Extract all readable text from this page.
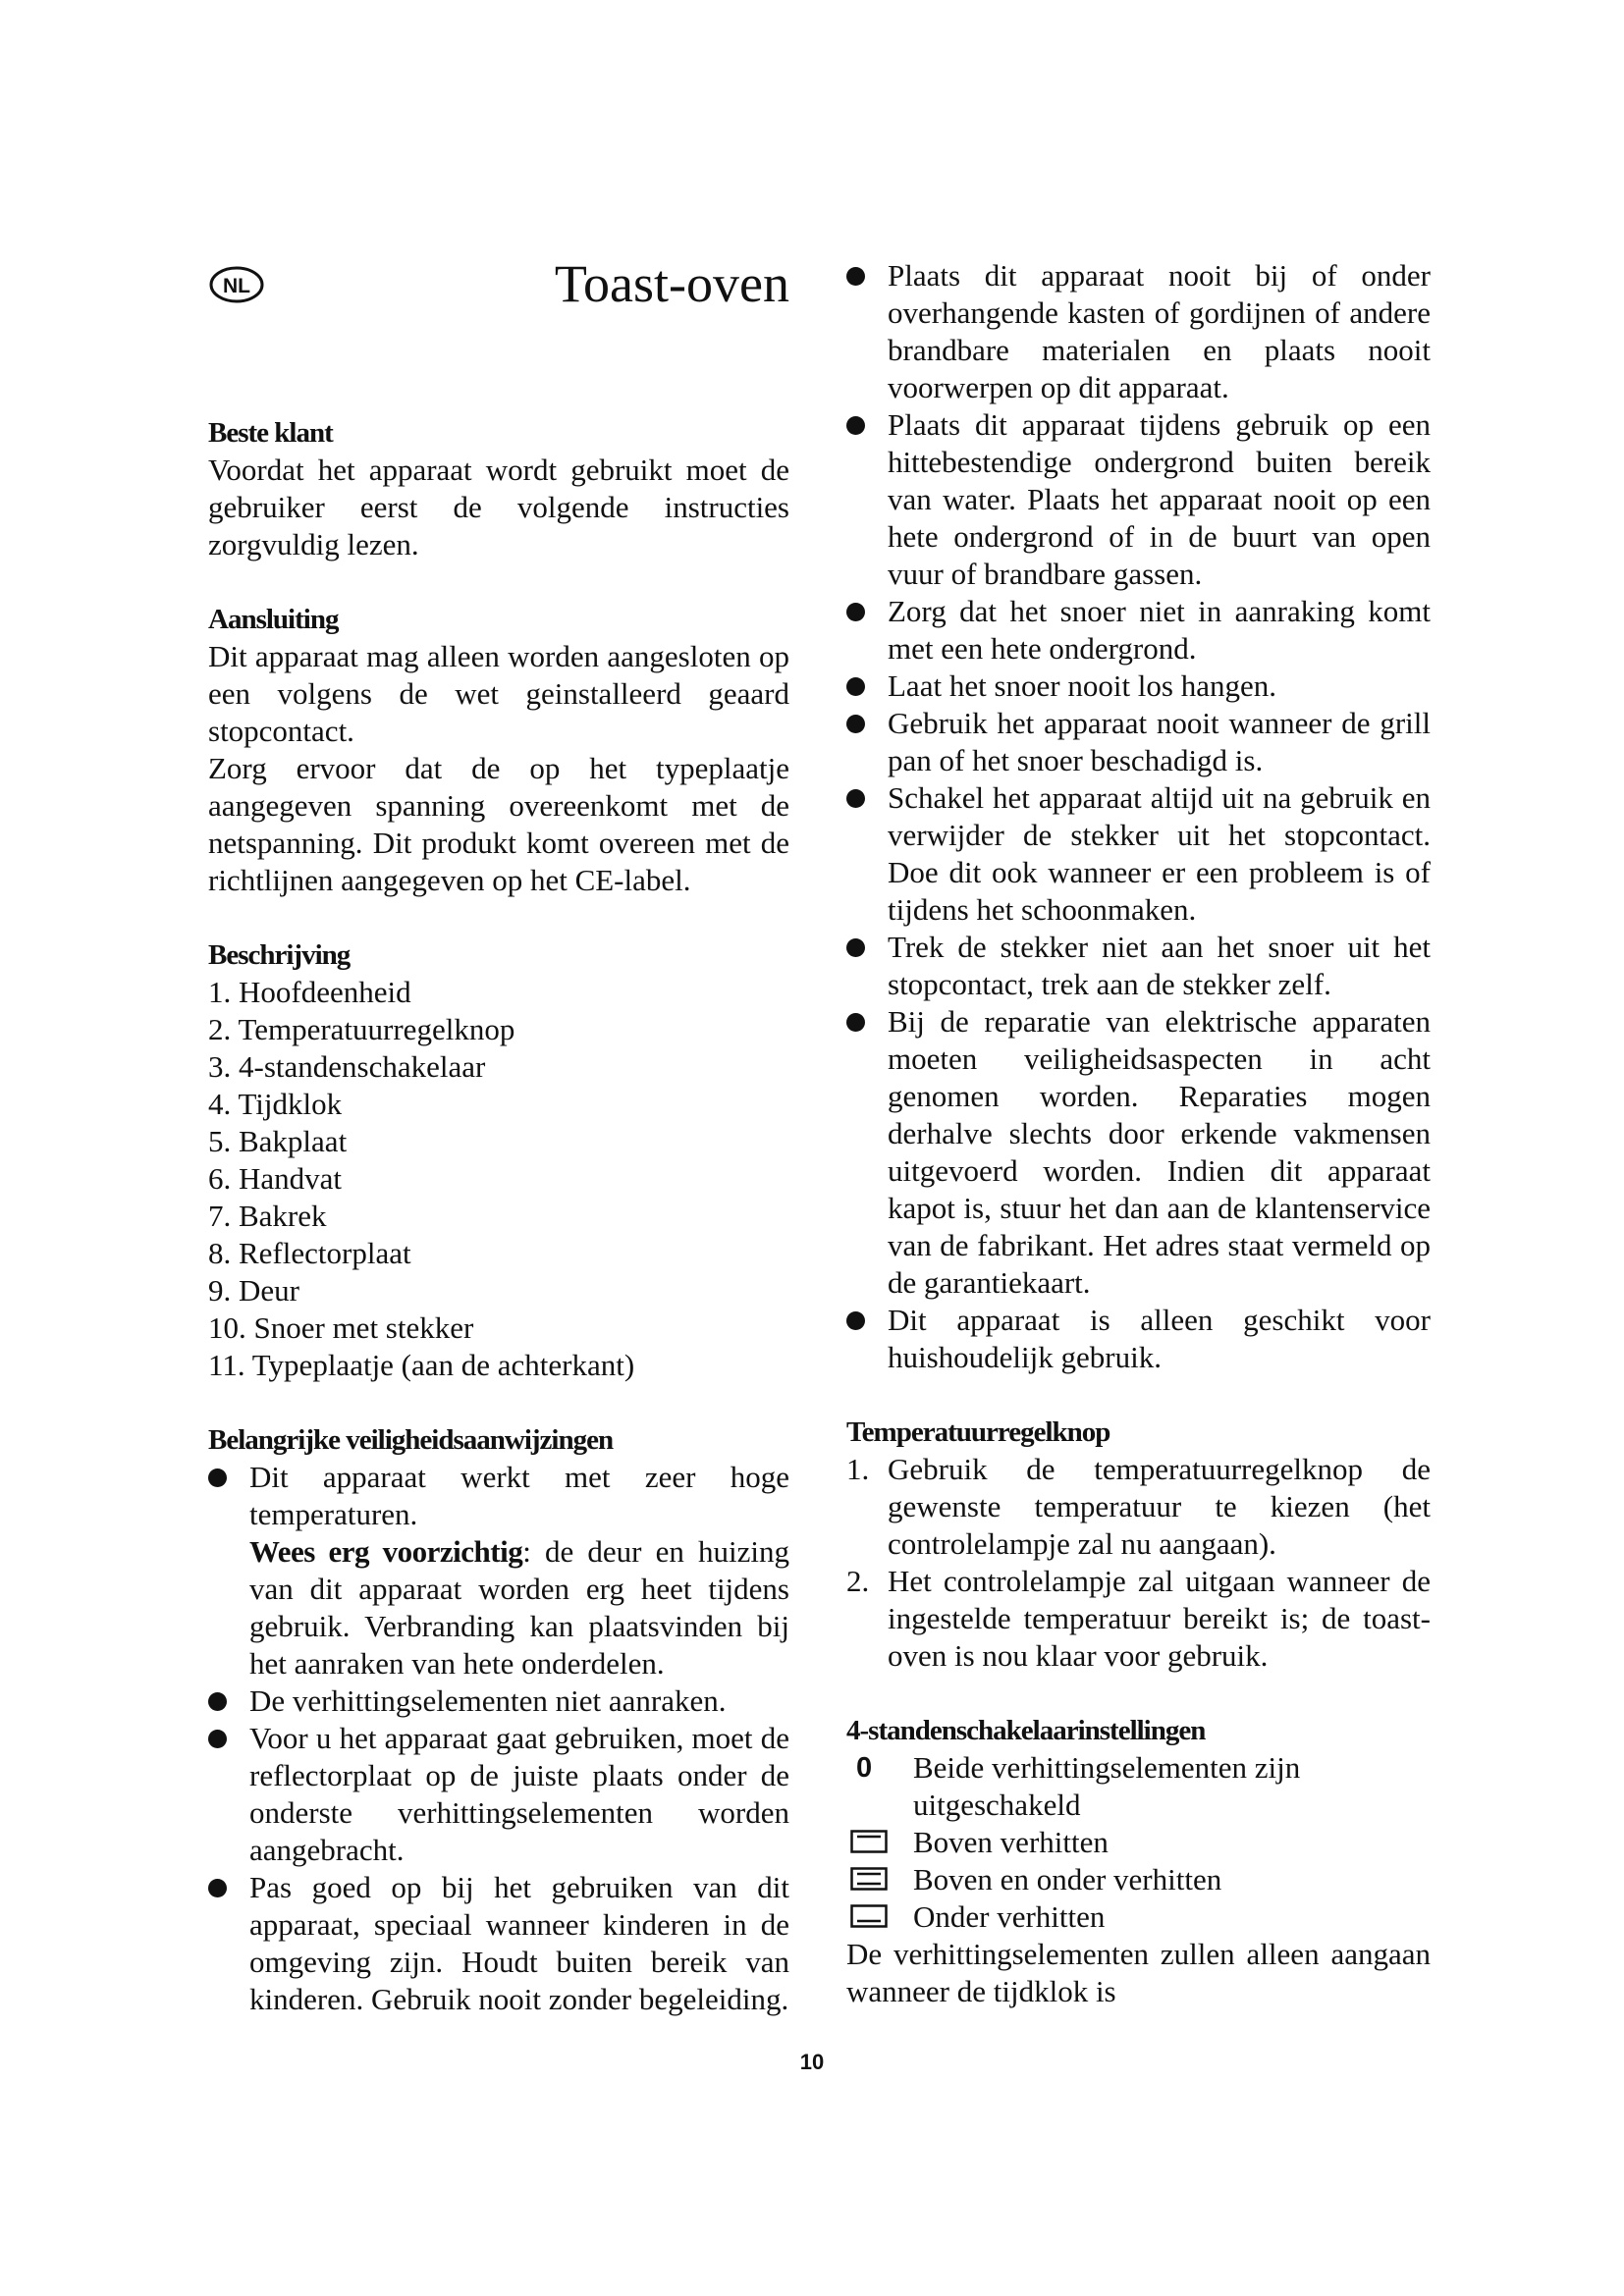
NL	Toast-oven
Beste klant

Voordat het apparaat wordt gebruikt moet de gebruiker eerst de volgende instructies zorgvuldig lezen.

Aansluiting

Dit apparaat mag alleen worden aangesloten op een volgens de wet geinstalleerd geaard stopcontact.

Zorg ervoor dat de op het typeplaatje aangegeven spanning overeenkomt met de netspanning. Dit produkt komt overeen met de richtlijnen aangegeven op het CE-label.

Beschrijving
1. Hoofdeenheid
2. Temperatuurregelknop
3. 4-standenschakelaar
4. Tijdklok
5. Bakplaat
6. Handvat
7. Bakrek
8. Reflectorplaat
9. Deur
10. Snoer met stekker
11. Typeplaatje (aan de achterkant)
Belangrijke veiligheidsaanwijzingen
Dit apparaat werkt met zeer hoge temperaturen.
Wees erg voorzichtig: de deur en huizing van dit apparaat worden erg heet tijdens gebruik. Verbranding kan plaatsvinden bij het aanraken van hete onderdelen.
De verhittingselementen niet aanraken.
Voor u het apparaat gaat gebruiken, moet de reflectorplaat op de juiste plaats onder de onderste verhittingselementen worden aangebracht.
Pas goed op bij het gebruiken van dit apparaat, speciaal wanneer kinderen in de omgeving zijn. Houdt buiten bereik van kinderen. Gebruik nooit zonder begeleiding.
Plaats dit apparaat nooit bij of onder overhangende kasten of gordijnen of andere brandbare materialen en plaats nooit voorwerpen op dit apparaat.
Plaats dit apparaat tijdens gebruik op een hittebestendige ondergrond buiten bereik van water. Plaats het apparaat nooit op een hete ondergrond of in de buurt van open vuur of brandbare gassen.
Zorg dat het snoer niet in aanraking komt met een hete ondergrond.
Laat het snoer nooit los hangen.
Gebruik het apparaat nooit wanneer de grill pan of het snoer beschadigd is.
Schakel het apparaat altijd uit na gebruik en verwijder de stekker uit het stopcontact. Doe dit ook wanneer er een probleem is of tijdens het schoonmaken.
Trek de stekker niet aan het snoer uit het stopcontact, trek aan de stekker zelf.
Bij de reparatie van elektrische apparaten moeten veiligheidsaspecten in acht genomen worden. Reparaties mogen derhalve slechts door erkende vakmensen uitgevoerd worden. Indien dit apparaat kapot is, stuur het dan aan de klantenservice van de fabrikant. Het adres staat vermeld op de garantiekaart.
Dit apparaat is alleen geschikt voor huishoudelijk gebruik.
Temperatuurregelknop
1. Gebruik de temperatuurregelknop de gewenste temperatuur te kiezen (het controlelampje zal nu aangaan).
2. Het controlelampje zal uitgaan wanneer de ingestelde temperatuur bereikt is; de toast-oven is nou klaar voor gebruik.
4-standenschakelaarinstellingen
0 Beide verhittingselementen zijn uitgeschakeld
Boven verhitten
Boven en onder verhitten
Onder verhitten

De verhittingselementen zullen alleen aangaan wanneer de tijdklok is

10
